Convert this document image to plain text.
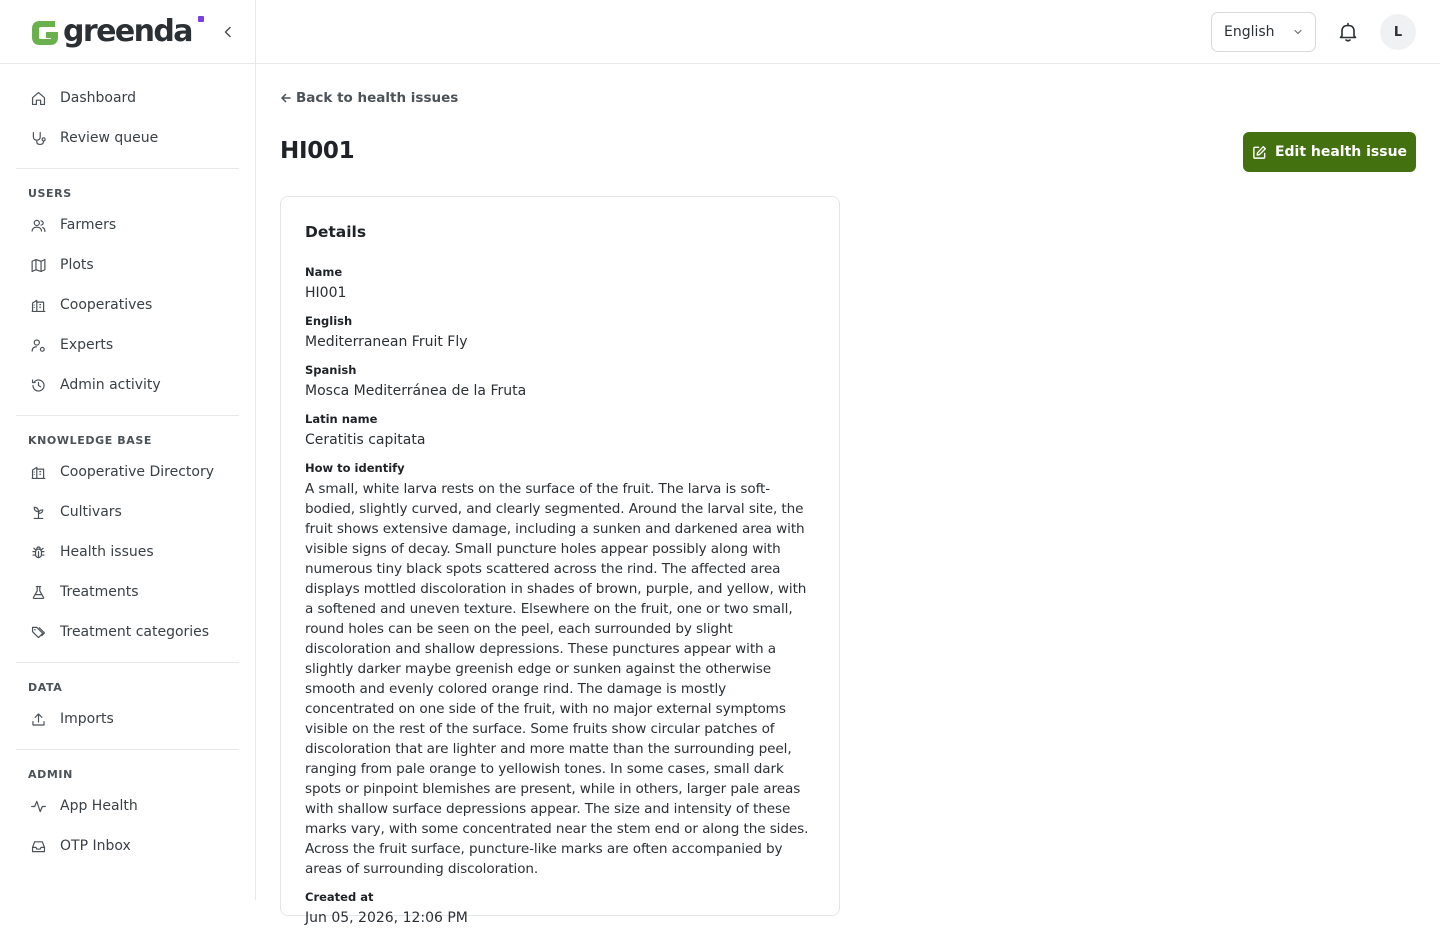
greenda
Dashboard
Review queue
USERS
Farmers
Plots
Cooperatives
Experts
Admin activity
KNOWLEDGE BASE
Cooperative Directory
Cultivars
Health issues
Treatments
Treatment categories
DATA
Imports
ADMIN
App Health
OTP Inbox
English	L
Back to health issues
HI001	Edit health issue
Details
Name
HI001
English
Mediterranean Fruit Fly
Spanish
Mosca Mediterránea de la Fruta
Latin name
Ceratitis capitata
How to identify
A small, white larva rests on the surface of the fruit. The larva is soft-bodied, slightly curved, and clearly segmented. Around the larval site, the fruit shows extensive damage, including a sunken and darkened area with visible signs of decay. Small puncture holes appear possibly along with numerous tiny black spots scattered across the rind. The affected area displays mottled discoloration in shades of brown, purple, and yellow, with a softened and uneven texture. Elsewhere on the fruit, one or two small, round holes can be seen on the peel, each surrounded by slight discoloration and shallow depressions. These punctures appear with a slightly darker maybe greenish edge or sunken against the otherwise smooth and evenly colored orange rind. The damage is mostly concentrated on one side of the fruit, with no major external symptoms visible on the rest of the surface. Some fruits show circular patches of discoloration that are lighter and more matte than the surrounding peel, ranging from pale orange to yellowish tones. In some cases, small dark spots or pinpoint blemishes are present, while in others, larger pale areas with shallow surface depressions appear. The size and intensity of these marks vary, with some concentrated near the stem end or along the sides. Across the fruit surface, puncture-like marks are often accompanied by areas of surrounding discoloration.
Created at
Jun 05, 2026, 12:06 PM
